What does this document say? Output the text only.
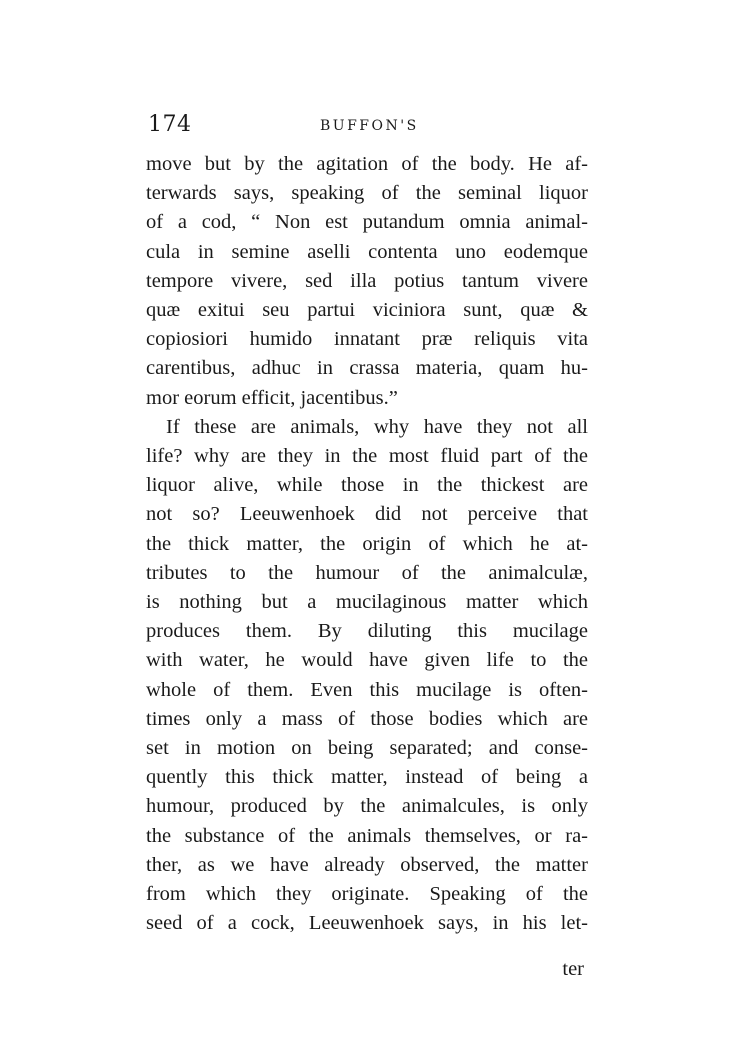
174	BUFFON'S
move but by the agitation of the body. He af-
terwards says, speaking of the seminal liquor
of a cod, “ Non est putandum omnia animal-
cula in semine aselli contenta uno eodemque
tempore vivere, sed illa potius tantum vivere
quæ exitui seu partui viciniora sunt, quæ &
copiosiori humido innatant præ reliquis vita
carentibus, adhuc in crassa materia, quam hu-
mor eorum efficit, jacentibus.”
If these are animals, why have they not all
life? why are they in the most fluid part of the
liquor alive, while those in the thickest are
not so? Leeuwenhoek did not perceive that
the thick matter, the origin of which he at-
tributes to the humour of the animalculæ,
is nothing but a mucilaginous matter which
produces them. By diluting this mucilage
with water, he would have given life to the
whole of them. Even this mucilage is often-
times only a mass of those bodies which are
set in motion on being separated; and conse-
quently this thick matter, instead of being a
humour, produced by the animalcules, is only
the substance of the animals themselves, or ra-
ther, as we have already observed, the matter
from which they originate. Speaking of the
seed of a cock, Leeuwenhoek says, in his let-
ter
